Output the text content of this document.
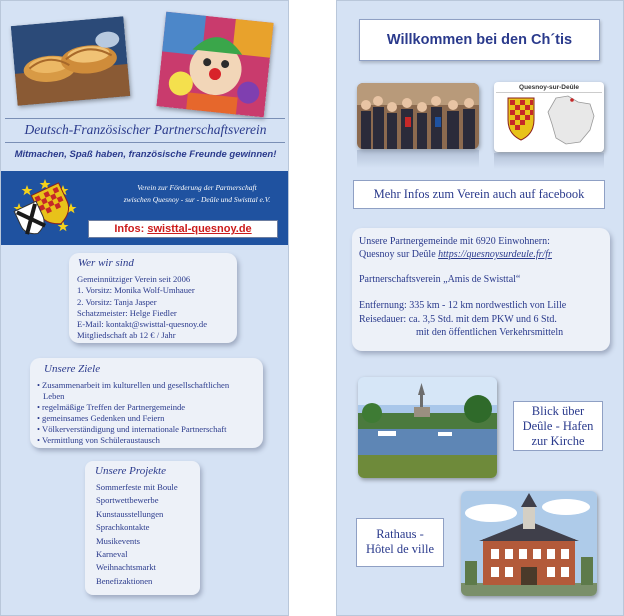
Deutsch-Französischer Partnerschaftsverein
Mitmachen, Spaß haben, französische Freunde gewinnen!
Verein zur Förderung der Partnerschaft
zwischen Quesnoy - sur - Deûle und Swisttal e.V.
Infos: swisttal-quesnoy.de
Wer wir sind
Gemeinnütziger Verein seit 2006
1. Vorsitz: Monika Wolf-Umhauer
2. Vorsitz: Tanja Jasper
Schatzmeister: Helge Fiedler
E-Mail: kontakt@swisttal-quesnoy.de
Mitgliedschaft ab 12 € / Jahr
Unsere Ziele
• Zusammenarbeit im kulturellen und gesellschaftlichen
Leben
• regelmäßige Treffen der Partnergemeinde
• gemeinsames Gedenken und Feiern
• Völkerverständigung und internationale Partnerschaft
• Vermittlung von Schüleraustausch
Unsere Projekte
Sommerfeste mit Boule
Sportwettbewerbe
Kunstausstellungen
Sprachkontakte
Musikevents
Karneval
Weihnachtsmarkt
Benefizaktionen
Willkommen bei den Ch´tis
Quesnoy-sur-Deûle
Mehr Infos zum Verein auch auf facebook
Unsere Partnergemeinde mit 6920 Einwohnern:
Quesnoy sur Deûle https://quesnoysurdeule.fr/fr
Partnerschaftsverein „Amis de Swisttal“
Entfernung: 335 km - 12 km nordwestlich von Lille
Reisedauer: ca. 3,5 Std. mit dem PKW und 6 Std.
mit den öffentlichen Verkehrsmitteln
Blick über
Deûle - Hafen
zur Kirche
Rathaus -
Hôtel de ville
